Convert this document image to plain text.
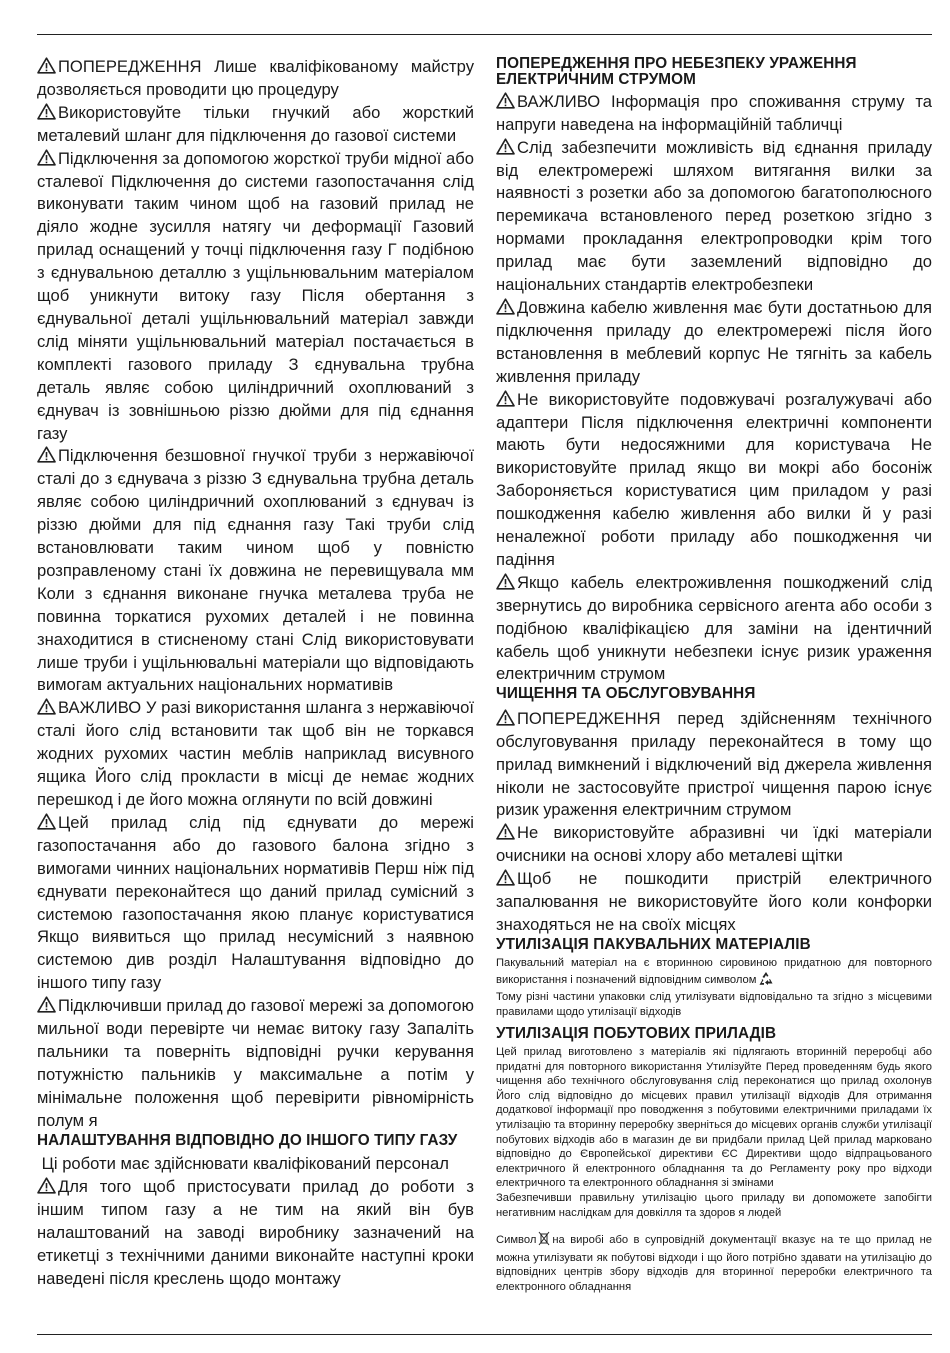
ПОПЕРЕДЖЕННЯ Лише кваліфікованому майстру дозволяється проводити цю процедуру

Використовуйте тільки гнучкий або жорсткий металевий шланг для підключення до газової системи

Підключення за допомогою жорсткої труби мідної або сталевої Підключення до системи газопостачання слід виконувати таким чином щоб на газовий прилад не діяло жодне зусилля натягу чи деформації Газовий прилад оснащений у точці підключення газу Г подібною з єднувальною деталлю з ущільнювальним матеріалом щоб уникнути витоку газу Після обертання з єднувальної деталі ущільнювальний матеріал завжди слід міняти ущільнювальний матеріал постачається в комплекті газового приладу З єднувальна трубна деталь являє собою циліндричний охоплюваний з єднувач із зовнішньою різзю дюйми для під єднання газу

Підключення безшовної гнучкої труби з нержавіючої сталі до з єднувача з різзю З єднувальна трубна деталь являє собою циліндричний охоплюваний з єднувач із різзю дюйми для під єднання газу Такі труби слід встановлювати таким чином щоб у повністю розправленому стані їх довжина не перевищувала мм Коли з єднання виконане гнучка металева труба не повинна торкатися рухомих деталей і не повинна знаходитися в стисненому стані Слід використовувати лише труби і ущільнювальні матеріали що відповідають вимогам актуальних національних нормативів

ВАЖЛИВО У разі використання шланга з нержавіючої сталі його слід встановити так щоб він не торкався жодних рухомих частин меблів наприклад висувного ящика Його слід прокласти в місці де немає жодних перешкод і де його можна оглянути по всій довжині

Цей прилад слід під єднувати до мережі газопостачання або до газового балона згідно з вимогами чинних національних нормативів Перш ніж під єднувати переконайтеся що даний прилад сумісний з системою газопостачання якою планує користуватися Якщо виявиться що прилад несумісний з наявною системою див розділ Налаштування відповідно до іншого типу газу

Підключивши прилад до газової мережі за допомогою мильної води перевірте чи немає витоку газу Запаліть пальники та поверніть відповідні ручки керування потужністю пальників у максимальне а потім у мінімальне положення щоб перевірити рівномірність полум я

НАЛАШТУВАННЯ ВІДПОВІДНО ДО ІНШОГО ТИПУ ГАЗУ

Ці роботи має здійснювати кваліфікований персонал

Для того щоб пристосувати прилад до роботи з іншим типом газу а не тим на який він був налаштований на заводі виробнику зазначений на етикетці з технічними даними виконайте наступні кроки наведені після креслень щодо монтажу

ПОПЕРЕДЖЕННЯ ПРО НЕБЕЗПЕКУ УРАЖЕННЯ ЕЛЕКТРИЧНИМ СТРУМОМ

ВАЖЛИВО Інформація про споживання струму та напруги наведена на інформаційній табличці

Слід забезпечити можливість від єднання приладу від електромережі шляхом витягання вилки за наявності з розетки або за допомогою багатополюсного перемикача встановленого перед розеткою згідно з нормами прокладання електропроводки крім того прилад має бути заземлений відповідно до національних стандартів електробезпеки

Довжина кабелю живлення має бути достатньою для підключення приладу до електромережі після його встановлення в меблевий корпус Не тягніть за кабель живлення приладу

Не використовуйте подовжувачі розгалужувачі або адаптери Після підключення електричні компоненти мають бути недосяжними для користувача Не використовуйте прилад якщо ви мокрі або босоніж Забороняється користуватися цим приладом у разі пошкодження кабелю живлення або вилки й у разі неналежної роботи приладу або пошкодження чи падіння

Якщо кабель електроживлення пошкоджений слід звернутись до виробника сервісного агента або особи з подібною кваліфікацією для заміни на ідентичний кабель щоб уникнути небезпеки існує ризик ураження електричним струмом

ЧИЩЕННЯ ТА ОБСЛУГОВУВАННЯ

ПОПЕРЕДЖЕННЯ перед здійсненням технічного обслуговування приладу переконайтеся в тому що прилад вимкнений і відключений від джерела живлення ніколи не застосовуйте пристрої чищення парою існує ризик ураження електричним струмом

Не використовуйте абразивні чи їдкі матеріали очисники на основі хлору або металеві щітки

Щоб не пошкодити пристрій електричного запалювання не використовуйте його коли конфорки знаходяться не на своїх місцях

УТИЛІЗАЦІЯ ПАКУВАЛЬНИХ МАТЕРІАЛІВ

Пакувальний матеріал на є вторинною сировиною придатною для повторного використання і позначений відповідним символом

Тому різні частини упаковки слід утилізувати відповідально та згідно з місцевими правилами щодо утилізації відходів

УТИЛІЗАЦІЯ ПОБУТОВИХ ПРИЛАДІВ

Цей прилад виготовлено з матеріалів які підлягають вторинній переробці або придатні для повторного використання Утилізуйте Перед проведенням будь якого чищення або технічного обслуговування слід переконатися що прилад охолонув Його слід відповідно до місцевих правил утилізації відходів Для отримання додаткової інформації про поводження з побутовими електричними приладами їх утилізацію та вторинну переробку зверніться до місцевих органів служби утилізації побутових відходів або в магазин де ви придбали прилад Цей прилад марковано відповідно до Європейської директиви ЄС Директиви щодо відпрацьованого електричного й електронного обладнання та до Регламенту року про відходи електричного та електронного обладнання зі змінами

Забезпечивши правильну утилізацію цього приладу ви допоможете запобігти негативним наслідкам для довкілля та здоров я людей

Символ на виробі або в супровідній документації вказує на те що прилад не можна утилізувати як побутові відходи і що його потрібно здавати на утилізацію до відповідних центрів збору відходів для вторинної переробки електричного та електронного обладнання
